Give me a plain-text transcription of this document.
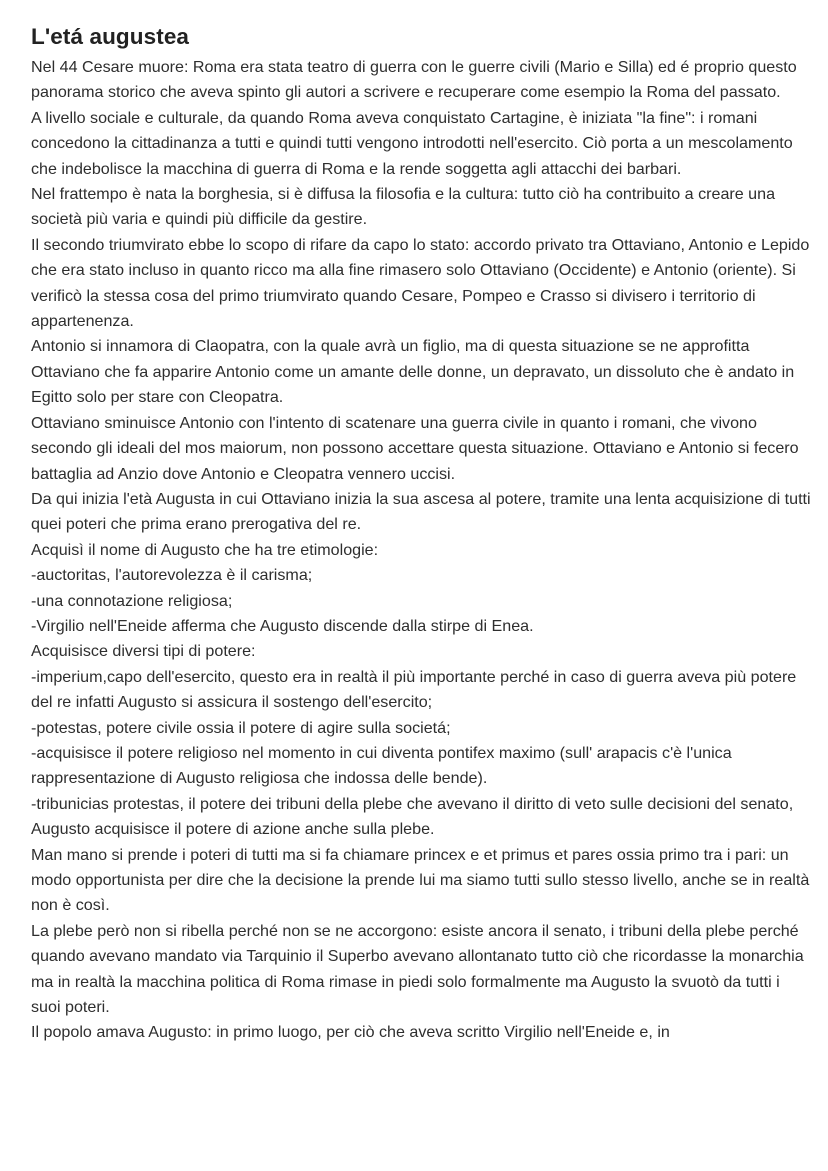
L'etá augustea

Nel 44 Cesare muore: Roma era stata teatro di guerra con le guerre civili (Mario e Silla) ed é proprio questo panorama storico che aveva spinto gli autori a scrivere e recuperare come esempio la Roma del passato.

A livello sociale e culturale, da quando Roma aveva conquistato Cartagine, è iniziata "la fine": i romani concedono la cittadinanza a tutti e quindi tutti vengono introdotti nell'esercito. Ciò porta a un mescolamento che indebolisce la macchina di guerra di Roma e la rende soggetta agli attacchi dei barbari.

Nel frattempo è nata la borghesia, si è diffusa la filosofia e la cultura: tutto ciò ha contribuito a creare una società più varia e quindi più difficile da gestire.

Il secondo triumvirato ebbe lo scopo di rifare da capo lo stato: accordo privato tra Ottaviano, Antonio e Lepido che era stato incluso in quanto ricco ma alla fine rimasero solo Ottaviano (Occidente) e Antonio (oriente). Si verificò la stessa cosa del primo triumvirato quando Cesare, Pompeo e Crasso si divisero i territorio di appartenenza.

Antonio si innamora di Claopatra, con la quale avrà un figlio, ma di questa situazione se ne approfitta Ottaviano che fa apparire Antonio come un amante delle donne, un depravato, un dissoluto che è andato in Egitto solo per stare con Cleopatra.

Ottaviano sminuisce Antonio con l'intento di scatenare una guerra civile in quanto i romani, che vivono secondo gli ideali del mos maiorum, non possono accettare questa situazione. Ottaviano e Antonio si fecero battaglia ad Anzio dove Antonio e Cleopatra vennero uccisi.

Da qui inizia l'età Augusta in cui Ottaviano inizia la sua ascesa al potere, tramite una lenta acquisizione di tutti quei poteri che prima erano prerogativa del re.

Acquisì il nome di Augusto che ha tre etimologie:

-auctoritas, l'autorevolezza è il carisma;

-una connotazione religiosa;

-Virgilio nell'Eneide afferma che Augusto discende dalla stirpe di Enea.

Acquisisce diversi tipi di potere:

-imperium,capo dell'esercito, questo era in realtà il più importante perché in caso di guerra aveva più potere del re infatti Augusto si assicura il sostengo dell'esercito;

-potestas, potere civile ossia il potere di agire sulla societá;

-acquisisce il potere religioso nel momento in cui diventa pontifex maximo (sull' arapacis c'è l'unica rappresentazione di Augusto religiosa che indossa delle bende).

-tribunicias protestas, il potere dei tribuni della plebe che avevano il diritto di veto sulle decisioni del senato, Augusto acquisisce il potere di azione anche sulla plebe.

Man mano si prende i poteri di tutti ma si fa chiamare princex e et primus et pares ossia primo tra i pari: un modo opportunista per dire che la decisione la prende lui ma siamo tutti sullo stesso livello, anche se in realtà non è così.

La plebe però non si ribella perché non se ne accorgono: esiste ancora il senato, i tribuni della plebe perché quando avevano mandato via Tarquinio il Superbo avevano allontanato tutto ciò che ricordasse la monarchia ma in realtà la macchina politica di Roma rimase in piedi solo formalmente ma Augusto la svuotò da tutti i suoi poteri.

Il popolo amava Augusto: in primo luogo, per ciò che aveva scritto Virgilio nell'Eneide e, in
